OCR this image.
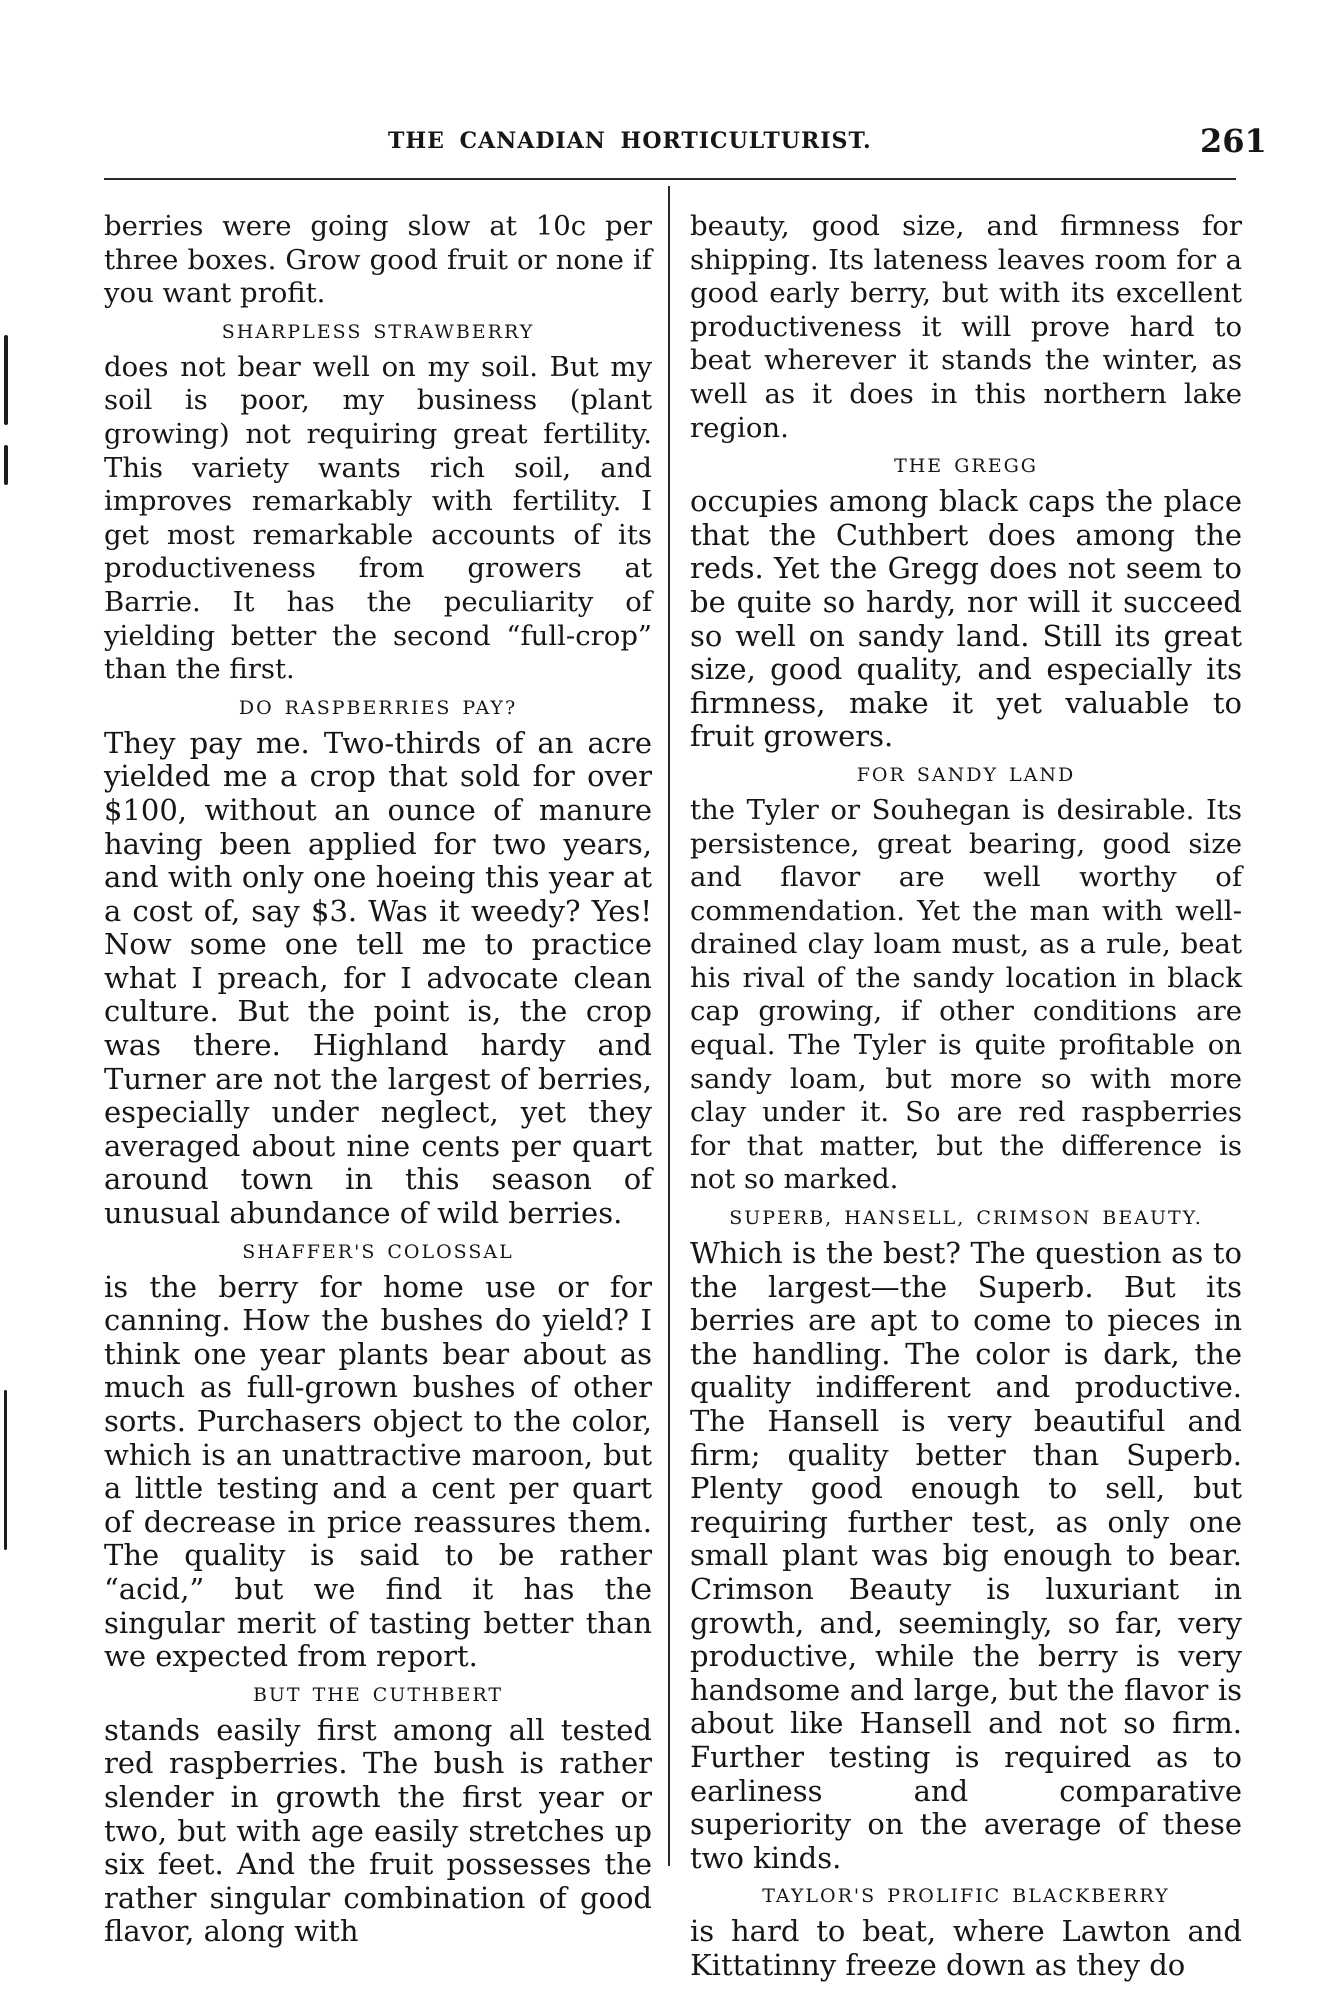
THE CANADIAN HORTICULTURIST.	261

berries were going slow at 10c per three boxes. Grow good fruit or none if you want profit.

SHARPLESS STRAWBERRY

does not bear well on my soil. But my soil is poor, my business (plant growing) not requiring great fertility. This variety wants rich soil, and improves remarkably with fertility. I get most remarkable accounts of its productiveness from growers at Barrie. It has the peculiarity of yielding better the second “full-crop” than the first.

DO RASPBERRIES PAY?

They pay me. Two-thirds of an acre yielded me a crop that sold for over $100, without an ounce of manure having been applied for two years, and with only one hoeing this year at a cost of, say $3. Was it weedy? Yes! Now some one tell me to practice what I preach, for I advocate clean culture. But the point is, the crop was there. Highland hardy and Turner are not the largest of berries, especially under neglect, yet they averaged about nine cents per quart around town in this season of unusual abundance of wild berries.

SHAFFER'S COLOSSAL

is the berry for home use or for canning. How the bushes do yield? I think one year plants bear about as much as full-grown bushes of other sorts. Purchasers object to the color, which is an unattractive maroon, but a little testing and a cent per quart of decrease in price reassures them. The quality is said to be rather “acid,” but we find it has the singular merit of tasting better than we expected from report.

BUT THE CUTHBERT

stands easily first among all tested red raspberries. The bush is rather slender in growth the first year or two, but with age easily stretches up six feet. And the fruit possesses the rather singular combination of good flavor, along with

beauty, good size, and firmness for shipping. Its lateness leaves room for a good early berry, but with its excellent productiveness it will prove hard to beat wherever it stands the winter, as well as it does in this northern lake region.

THE GREGG

occupies among black caps the place that the Cuthbert does among the reds. Yet the Gregg does not seem to be quite so hardy, nor will it succeed so well on sandy land. Still its great size, good quality, and especially its firmness, make it yet valuable to fruit growers.

FOR SANDY LAND

the Tyler or Souhegan is desirable. Its persistence, great bearing, good size and flavor are well worthy of commendation. Yet the man with well-drained clay loam must, as a rule, beat his rival of the sandy location in black cap growing, if other conditions are equal. The Tyler is quite profitable on sandy loam, but more so with more clay under it. So are red raspberries for that matter, but the difference is not so marked.

SUPERB, HANSELL, CRIMSON BEAUTY.

Which is the best? The question as to the largest—the Superb. But its berries are apt to come to pieces in the handling. The color is dark, the quality indifferent and productive. The Hansell is very beautiful and firm; quality better than Superb. Plenty good enough to sell, but requiring further test, as only one small plant was big enough to bear. Crimson Beauty is luxuriant in growth, and, seemingly, so far, very productive, while the berry is very handsome and large, but the flavor is about like Hansell and not so firm. Further testing is required as to earliness and comparative superiority on the average of these two kinds.

TAYLOR'S PROLIFIC BLACKBERRY

is hard to beat, where Lawton and Kittatinny freeze down as they do
